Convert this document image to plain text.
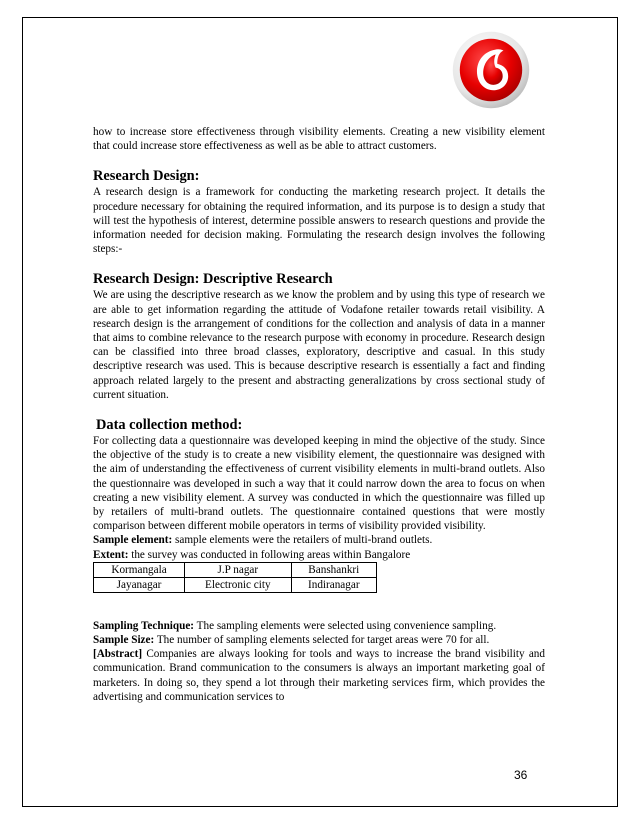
how to increase store effectiveness through visibility elements. Creating a new visibility element that could increase store effectiveness as well as be able to attract customers.

Research Design:

A research design is a framework for conducting the marketing research project. It details the procedure necessary for obtaining the required information, and its purpose is to design a study that will test the hypothesis of interest, determine possible answers to research questions and provide the information needed for decision making. Formulating the research design involves the following steps:-

Research Design: Descriptive Research

We are using the descriptive research as we know the problem and by using this type of research we are able to get information regarding the attitude of Vodafone retailer towards retail visibility. A research design is the arrangement of conditions for the collection and analysis of data in a manner that aims to combine relevance to the research purpose with economy in procedure. Research design can be classified into three broad classes, exploratory, descriptive and casual. In this study descriptive research was used. This is because descriptive research is essentially a fact and finding approach related largely to the present and abstracting generalizations by cross sectional study of current situation.

Data collection method:

For collecting data a questionnaire was developed keeping in mind the objective of the study. Since the objective of the study is to create a new visibility element, the questionnaire was designed with the aim of understanding the effectiveness of current visibility elements in multi-brand outlets. Also the questionnaire was developed in such a way that it could narrow down the area to focus on when creating a new visibility element. A survey was conducted in which the questionnaire was filled up by retailers of multi-brand outlets. The questionnaire contained questions that were mostly comparison between different mobile operators in terms of visibility provided visibility.

Sample element: sample elements were the retailers of multi-brand outlets.

Extent: the survey was conducted in following areas within Bangalore

Kormangala	J.P nagar	Banshankri
Jayanagar	Electronic city	Indiranagar

Sampling Technique: The sampling elements were selected using convenience sampling.

Sample Size: The number of sampling elements selected for target areas were 70 for all.

[Abstract] Companies are always looking for tools and ways to increase the brand visibility and communication. Brand communication to the consumers is always an important marketing goal of marketers. In doing so, they spend a lot through their marketing services firm, which provides the advertising and communication services to

36
